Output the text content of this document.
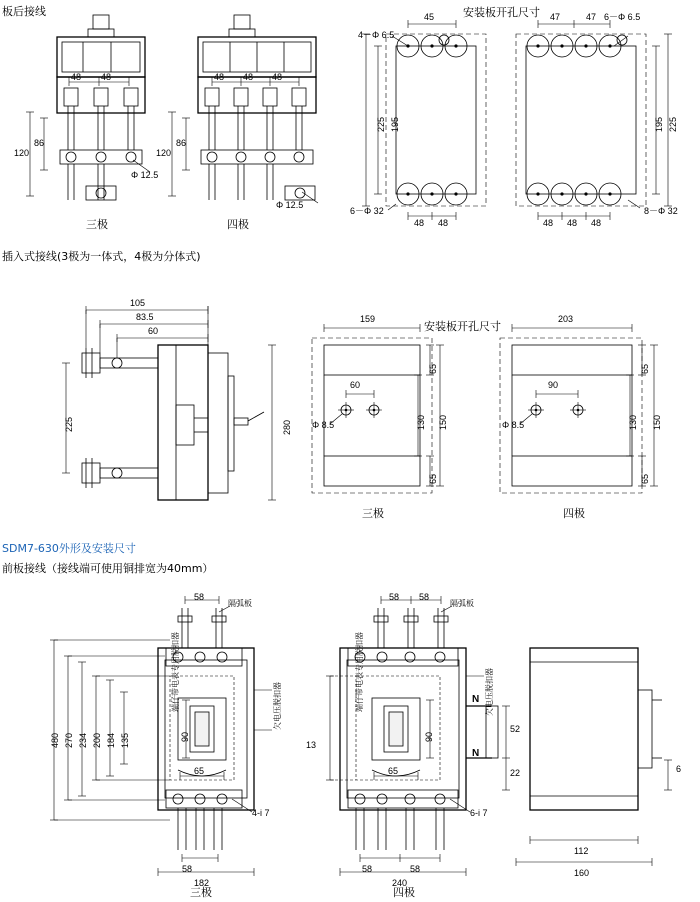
板后接线
插入式接线(3极为一体式，4极为分体式)
SDM7-630外形及安装尺寸
前板接线（接线端可使用铜排宽为40mm）
48 48
86
120
Φ 12.5
三极
48 48 48
86
120
Φ 12.5
四极
安装板开孔尺寸
4－Φ 6.5
45
225 195
6－Φ 32
48 48
6－Φ 6.5
47	47
195 225
8－Φ 32
48 48 48
105
83.5
60
225	280
安装板开孔尺寸
159
60
Φ 8.5
65
130 150
65
三极
203
90
Φ 8.5
65
130 150
65
四极
58
隔弧板
480 270 234 200 184 135	90
65
58
182
4-i 7
端仔带电表专用脱扣器	欠电压脱扣器
58 58
隔弧板
13
90
65
N
N
52
22
58	58
240
6-i 7
端仔带电表专用脱扣器	欠电压脱扣器
112
160
6
三极	四极
